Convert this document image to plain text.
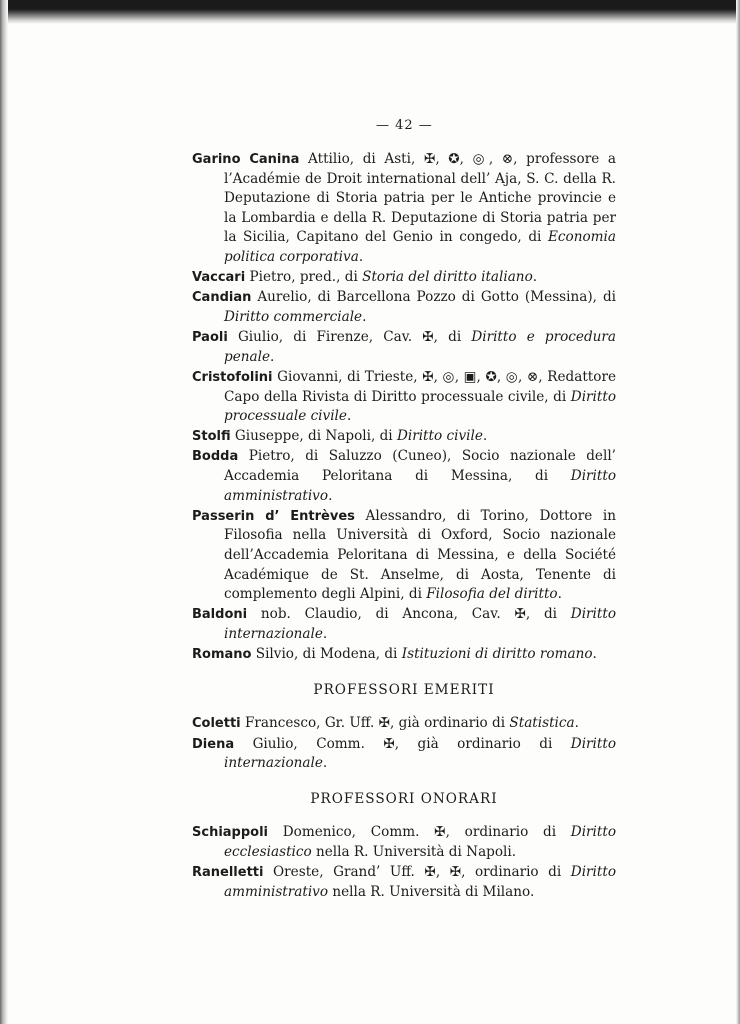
— 42 —

Garino Canina Attilio, di Asti, ✠, ✪, ◎, ⊗, professore a l’Académie de Droit international dell’ Aja, S. C. della R. Deputazione di Storia patria per le Antiche provincie e la Lombardia e della R. Deputazione di Storia patria per la Sicilia, Capitano del Genio in congedo, di Economia politica corporativa.

Vaccari Pietro, pred., di Storia del diritto italiano.

Candian Aurelio, di Barcellona Pozzo di Gotto (Messina), di Diritto commerciale.

Paoli Giulio, di Firenze, Cav. ✠, di Diritto e procedura penale.

Cristofolini Giovanni, di Trieste, ✠, ◎, ▣, ✪, ◎, ⊗, Redattore Capo della Rivista di Diritto processuale civile, di Diritto processuale civile.

Stolfi Giuseppe, di Napoli, di Diritto civile.

Bodda Pietro, di Saluzzo (Cuneo), Socio nazionale dell’ Accademia Peloritana di Messina, di Diritto amministrativo.

Passerin d’ Entrèves Alessandro, di Torino, Dottore in Filosofia nella Università di Oxford, Socio nazionale dell’Accademia Peloritana di Messina, e della Société Académique de St. Anselme, di Aosta, Tenente di complemento degli Alpini, di Filosofia del diritto.

Baldoni nob. Claudio, di Ancona, Cav. ✠, di Diritto internazionale.

Romano Silvio, di Modena, di Istituzioni di diritto romano.

PROFESSORI EMERITI

Coletti Francesco, Gr. Uff. ✠, già ordinario di Statistica.

Diena Giulio, Comm. ✠, già ordinario di Diritto internazionale.

PROFESSORI ONORARI

Schiappoli Domenico, Comm. ✠, ordinario di Diritto ecclesiastico nella R. Università di Napoli.

Ranelletti Oreste, Grand’ Uff. ✠, ✠, ordinario di Diritto amministrativo nella R. Università di Milano.
